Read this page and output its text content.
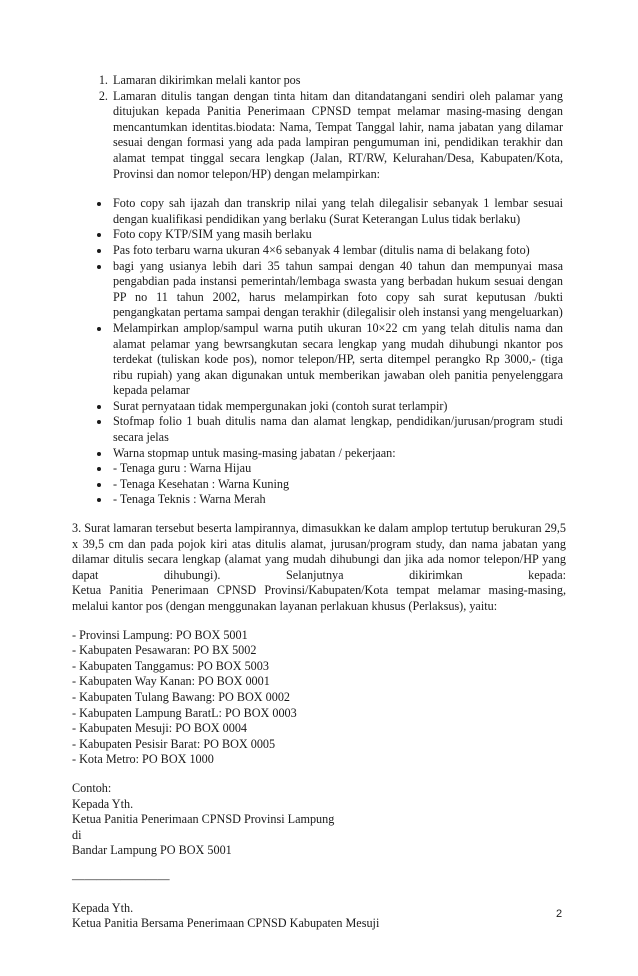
1. Lamaran dikirimkan melali kantor pos
2. Lamaran ditulis tangan dengan tinta hitam dan ditandatangani sendiri oleh palamar yang ditujukan kepada Panitia Penerimaan CPNSD tempat melamar masing-masing dengan mencantumkan identitas.biodata: Nama, Tempat Tanggal lahir, nama jabatan yang dilamar sesuai dengan formasi yang ada pada lampiran pengumuman ini, pendidikan terakhir dan alamat tempat tinggal secara lengkap (Jalan, RT/RW, Kelurahan/Desa, Kabupaten/Kota, Provinsi dan nomor telepon/HP) dengan melampirkan:
• Foto copy sah ijazah dan transkrip nilai yang telah dilegalisir sebanyak 1 lembar sesuai dengan kualifikasi pendidikan yang berlaku (Surat Keterangan Lulus tidak berlaku)
• Foto copy KTP/SIM yang masih berlaku
• Pas foto terbaru warna ukuran 4×6 sebanyak 4 lembar (ditulis nama di belakang foto)
• bagi yang usianya lebih dari 35 tahun sampai dengan 40 tahun dan mempunyai masa pengabdian pada instansi pemerintah/lembaga swasta yang berbadan hukum sesuai dengan PP no 11 tahun 2002, harus melampirkan foto copy sah surat keputusan /bukti pengangkatan pertama sampai dengan terakhir (dilegalisir oleh instansi yang mengeluarkan)
• Melampirkan amplop/sampul warna putih ukuran 10×22 cm yang telah ditulis nama dan alamat pelamar yang bewrsangkutan secara lengkap yang mudah dihubungi nkantor pos terdekat (tuliskan kode pos), nomor telepon/HP, serta ditempel perangko Rp 3000,- (tiga ribu rupiah) yang akan digunakan untuk memberikan jawaban oleh panitia penyelenggara kepada pelamar
• Surat pernyataan tidak mempergunakan joki (contoh surat terlampir)
• Stofmap folio 1 buah ditulis nama dan alamat lengkap, pendidikan/jurusan/program studi secara jelas
• Warna stopmap untuk masing-masing jabatan / pekerjaan:
• - Tenaga guru : Warna Hijau
• - Tenaga Kesehatan : Warna Kuning
• - Tenaga Teknis : Warna Merah

3. Surat lamaran tersebut beserta lampirannya, dimasukkan ke dalam amplop tertutup berukuran 29,5 x 39,5 cm dan pada pojok kiri atas ditulis alamat, jurusan/program study, dan nama jabatan yang dilamar ditulis secara lengkap (alamat yang mudah dihubungi dan jika ada nomor telepon/HP yang dapat dihubungi). Selanjutnya dikirimkan kepada:

Ketua Panitia Penerimaan CPNSD Provinsi/Kabupaten/Kota tempat melamar masing-masing, melalui kantor pos (dengan menggunakan layanan perlakuan khusus (Perlaksus), yaitu:

- Provinsi Lampung: PO BOX 5001
- Kabupaten Pesawaran: PO BX 5002
- Kabupaten Tanggamus: PO BOX 5003
- Kabupaten Way Kanan: PO BOX 0001
- Kabupaten Tulang Bawang: PO BOX 0002
- Kabupaten Lampung BaratL: PO BOX 0003
- Kabupaten Mesuji: PO BOX 0004
- Kabupaten Pesisir Barat: PO BOX 0005
- Kota Metro: PO BOX 1000
Contoh:
Kepada Yth.
Ketua Panitia Penerimaan CPNSD Provinsi Lampung
di
Bandar Lampung PO BOX 5001
————————
Kepada Yth.
Ketua Panitia Bersama Penerimaan CPNSD Kabupaten Mesuji
2
